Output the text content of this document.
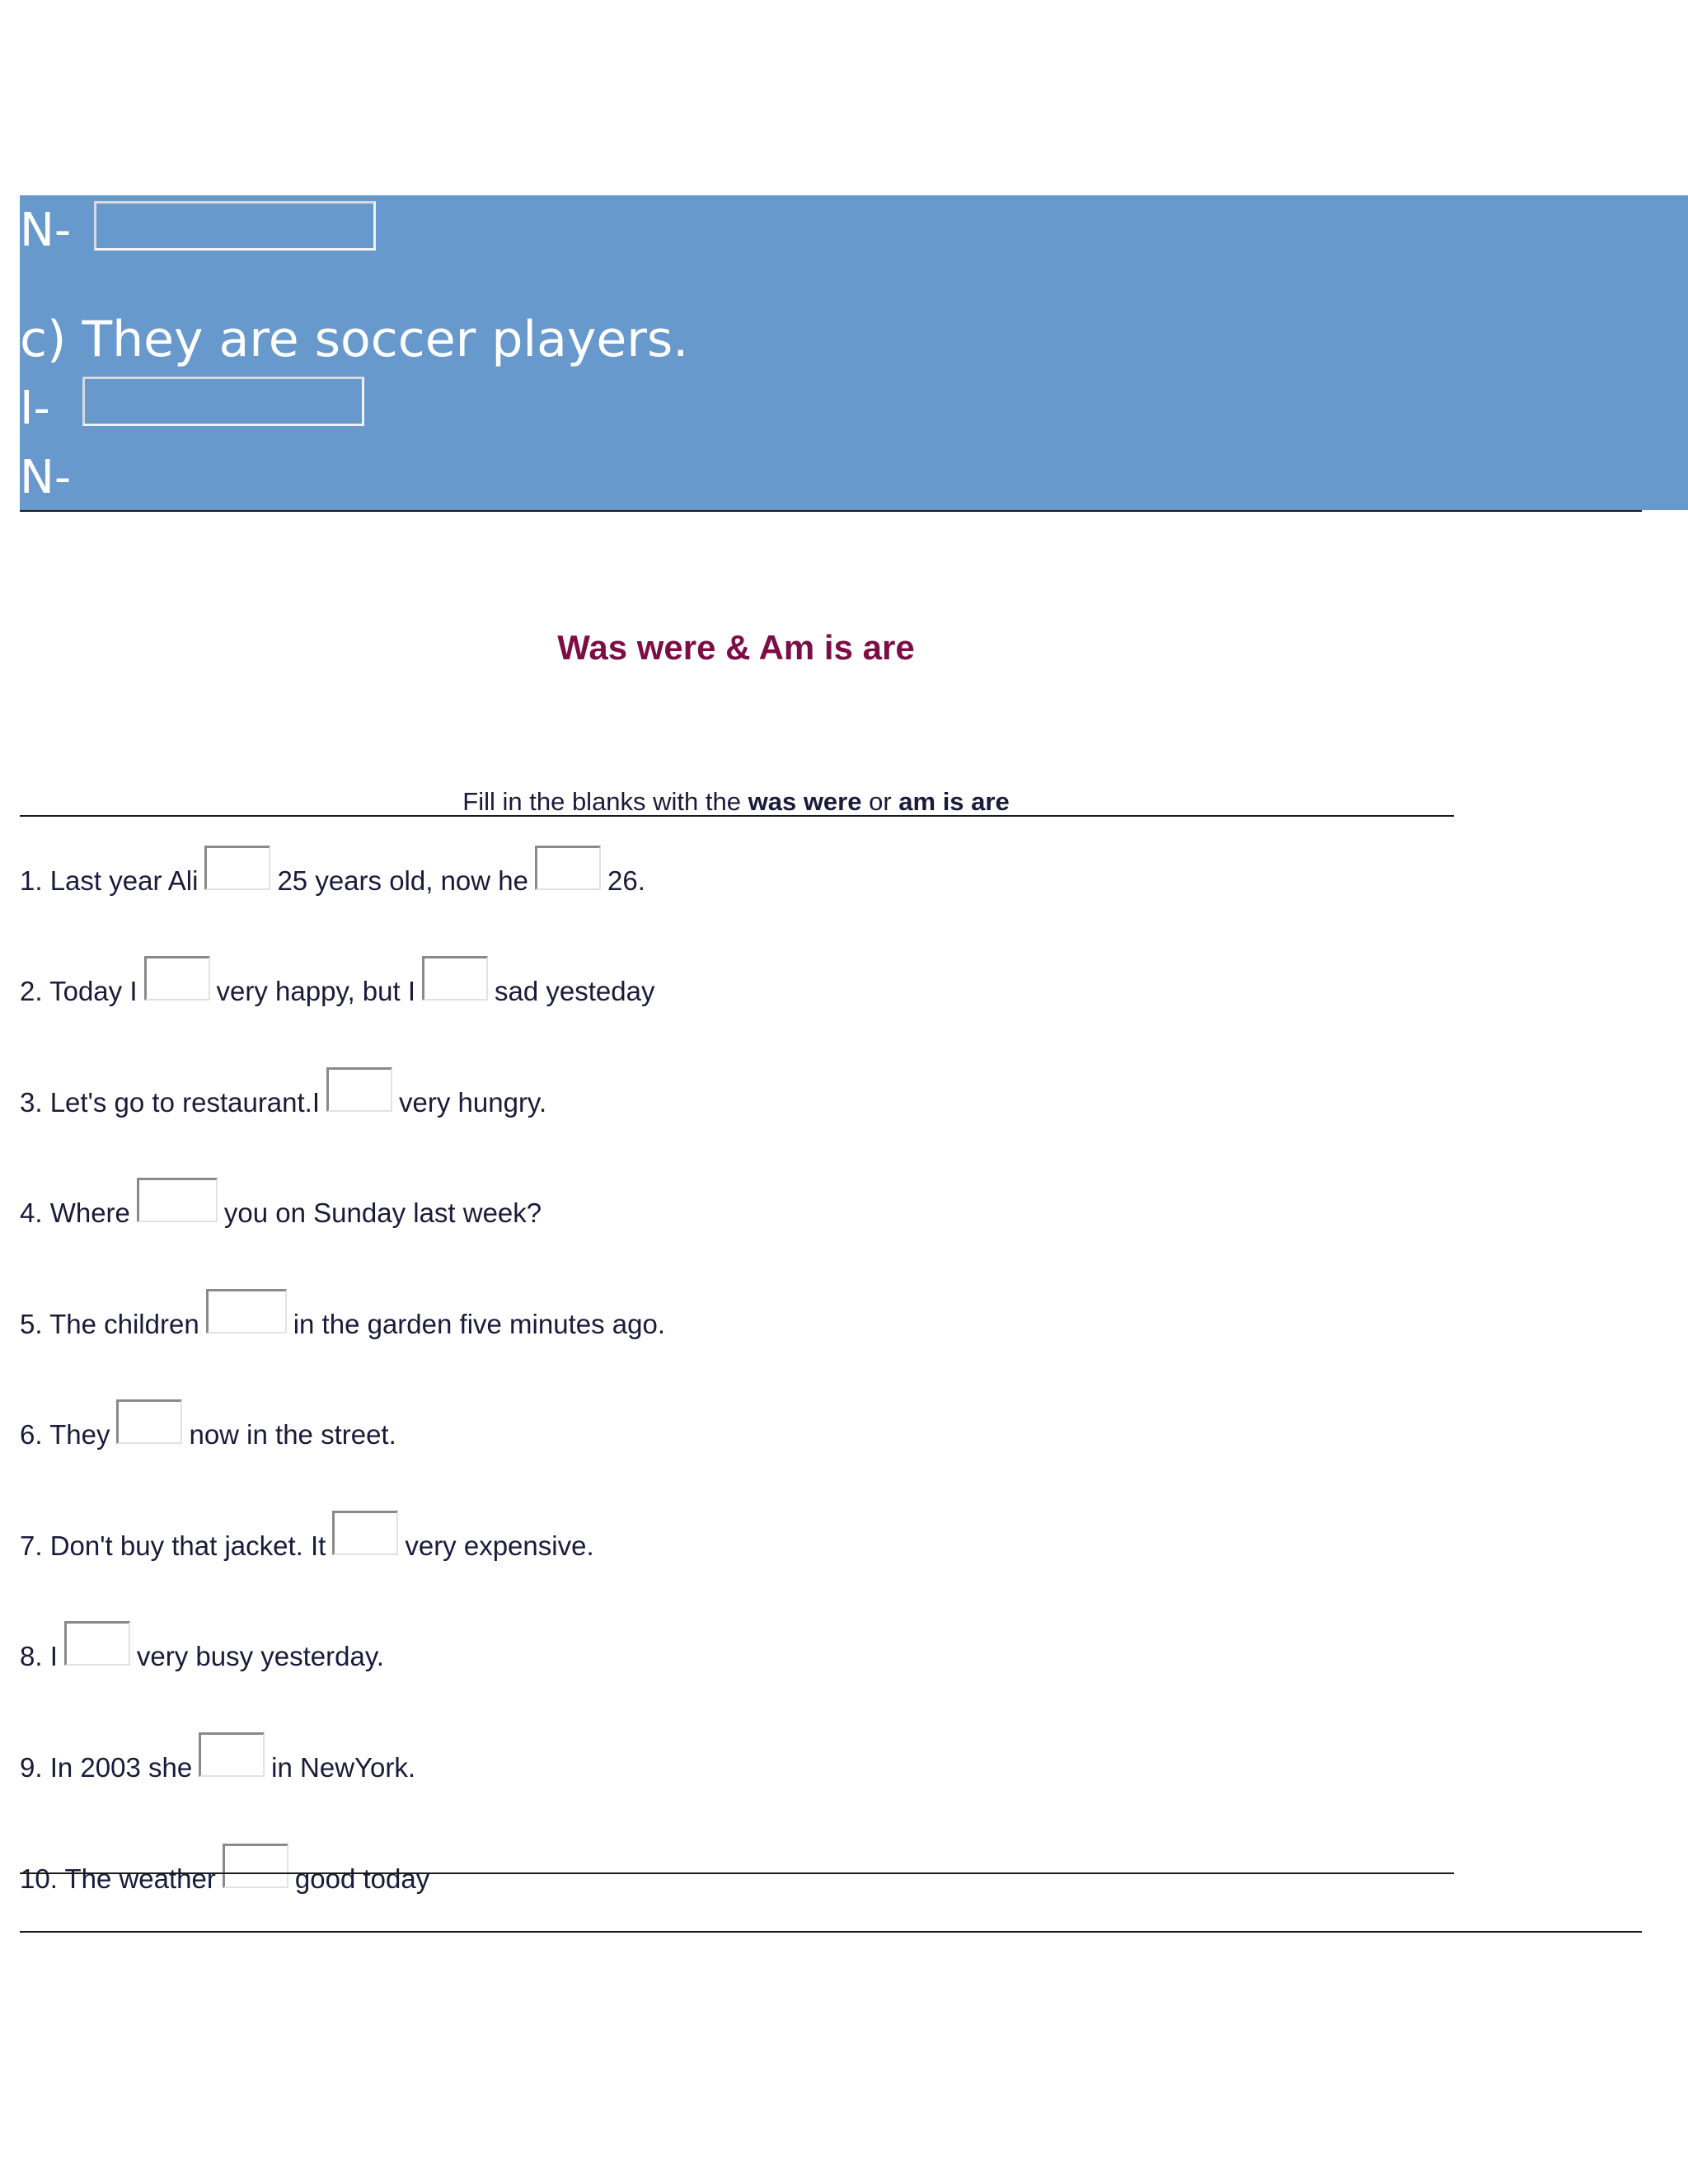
N-
c) They are soccer players.
I-
N-
Was were & Am is are
Fill in the blanks with the was were or am is are
1. Last year Ali	25 years old, now he	26.
2. Today I	very happy, but I	sad yesteday
3. Let's go to restaurant.I	very hungry.
4. Where	you on Sunday last week?
5. The children	in the garden five minutes ago.
6. They	now in the street.
7. Don't buy that jacket. It	very expensive.
8. I	very busy yesterday.
9. In 2003 she	in NewYork.
10. The weather	good today
